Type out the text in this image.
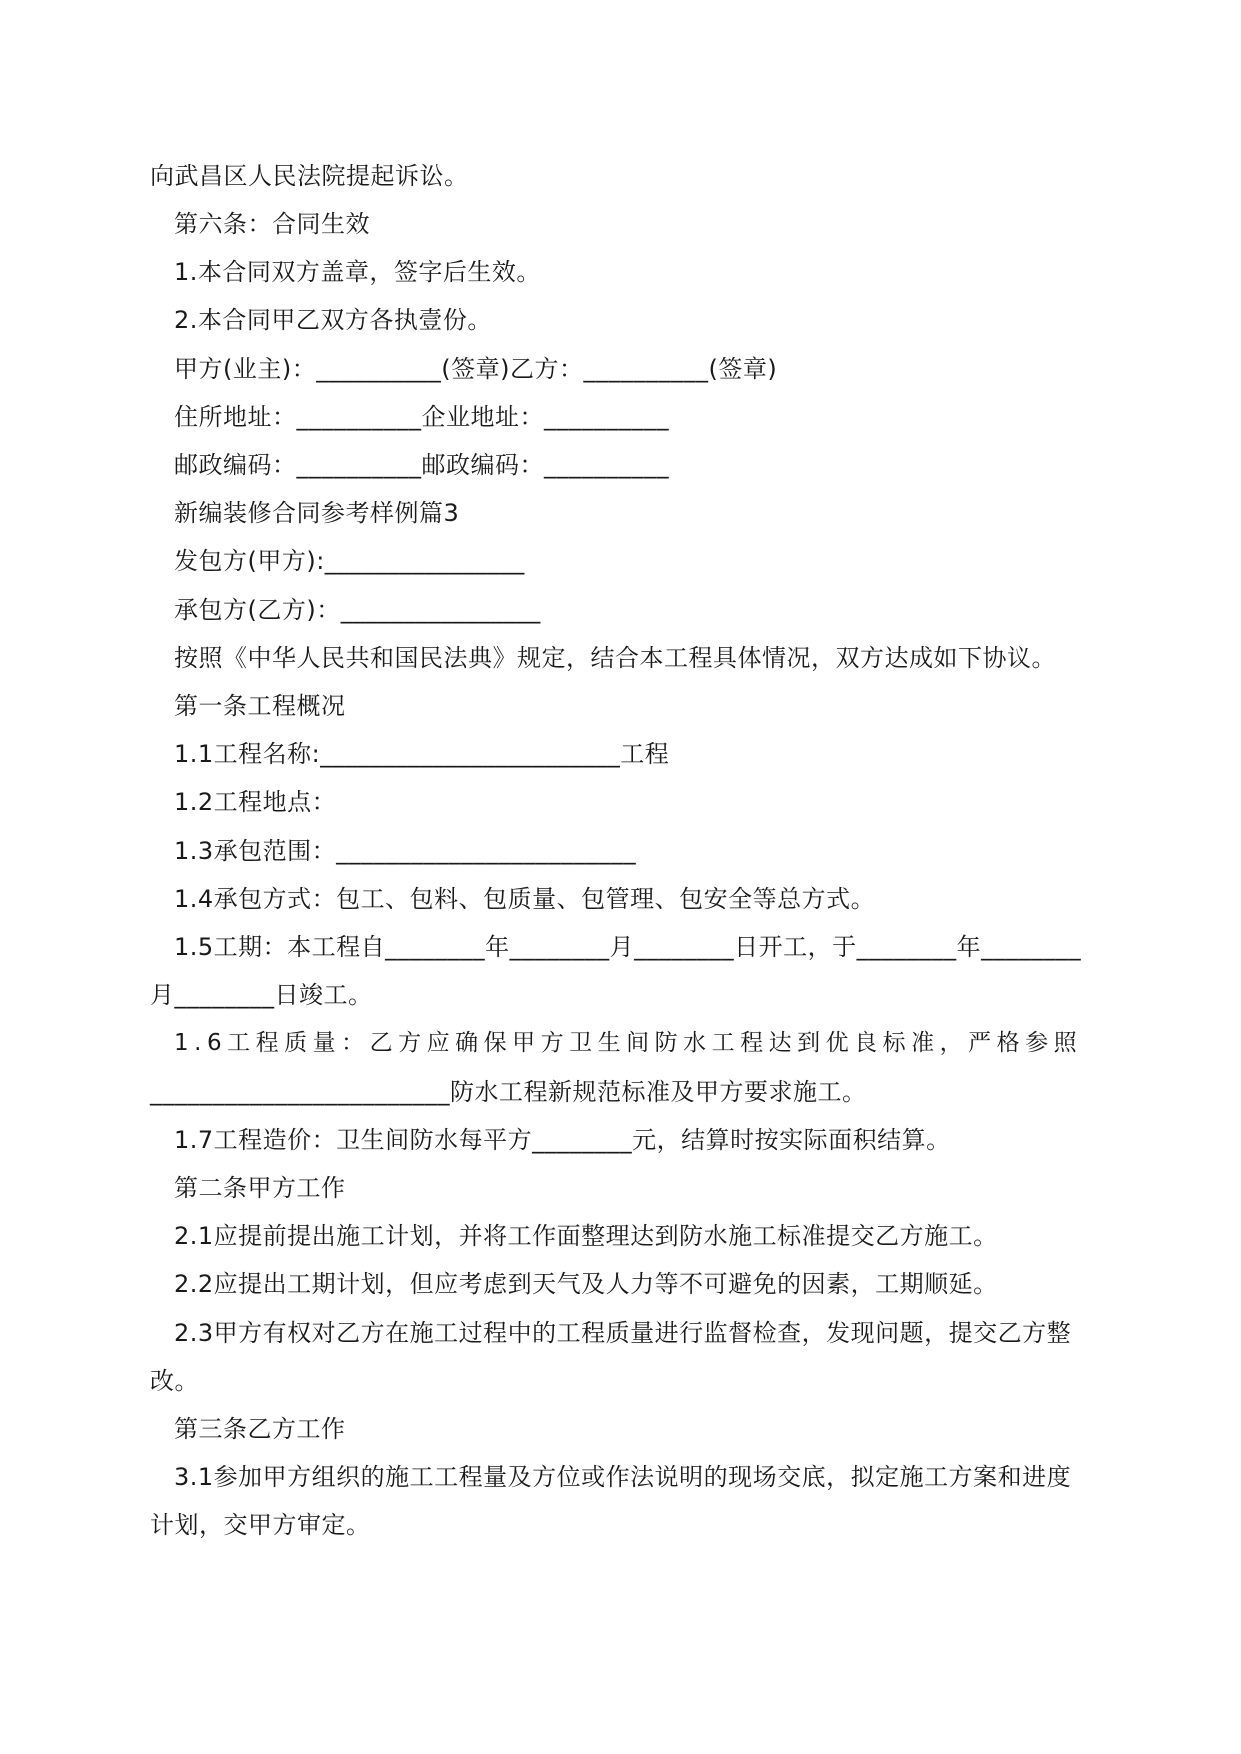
向武昌区人民法院提起诉讼。
第六条：合同生效
1.本合同双方盖章，签字后生效。
2.本合同甲乙双方各执壹份。
甲方(业主)：__________(签章)乙方：__________(签章)
住所地址：__________企业地址：__________
邮政编码：__________邮政编码：__________
新编装修合同参考样例篇3
发包方(甲方):________________
承包方(乙方)：________________
按照《中华人民共和国民法典》规定，结合本工程具体情况，双方达成如下协议。
第一条工程概况
1.1工程名称:________________________工程
1.2工程地点：
1.3承包范围：________________________
1.4承包方式：包工、包料、包质量、包管理、包安全等总方式。
1.5工期：本工程自________年________月________日开工，于________年________
月________日竣工。
1.6工程质量：乙方应确保甲方卫生间防水工程达到优良标准，严格参照
________________________防水工程新规范标准及甲方要求施工。
1.7工程造价：卫生间防水每平方________元，结算时按实际面积结算。
第二条甲方工作
2.1应提前提出施工计划，并将工作面整理达到防水施工标准提交乙方施工。
2.2应提出工期计划，但应考虑到天气及人力等不可避免的因素，工期顺延。
2.3甲方有权对乙方在施工过程中的工程质量进行监督检查，发现问题，提交乙方整
改。
第三条乙方工作
3.1参加甲方组织的施工工程量及方位或作法说明的现场交底，拟定施工方案和进度
计划，交甲方审定。
